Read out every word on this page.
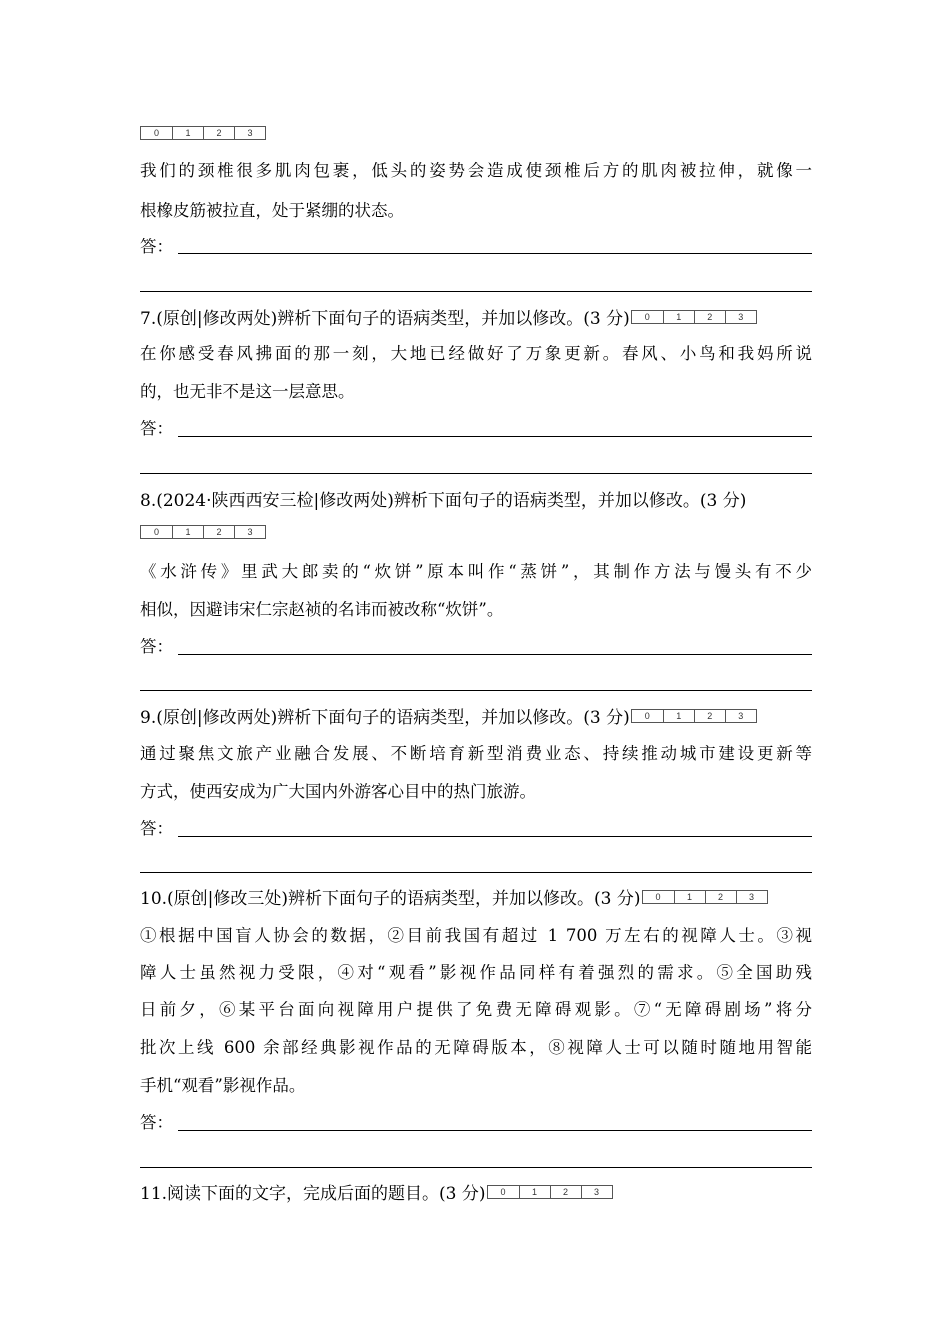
0	1	2	3
我们的颈椎很多肌肉包裹，低头的姿势会造成使颈椎后方的肌肉被拉伸，就像一
根橡皮筋被拉直，处于紧绷的状态。
答：
7.(原创|修改两处)辨析下面句子的语病类型，并加以修改。(3 分)	0	1	2	3
在你感受春风拂面的那一刻，大地已经做好了万象更新。春风、小鸟和我妈所说
的，也无非不是这一层意思。
答：
8.(2024·陕西西安三检|修改两处)辨析下面句子的语病类型，并加以修改。(3 分)
0	1	2	3
《水浒传》里武大郎卖的“炊饼”原本叫作“蒸饼”，其制作方法与馒头有不少
相似，因避讳宋仁宗赵祯的名讳而被改称“炊饼”。
答：
9.(原创|修改两处)辨析下面句子的语病类型，并加以修改。(3 分)	0	1	2	3
通过聚焦文旅产业融合发展、不断培育新型消费业态、持续推动城市建设更新等
方式，使西安成为广大国内外游客心目中的热门旅游。
答：
10.(原创|修改三处)辨析下面句子的语病类型，并加以修改。(3 分)	0	1	2	3
①根据中国盲人协会的数据，②目前我国有超过 1 700 万左右的视障人士。③视
障人士虽然视力受限，④对“观看”影视作品同样有着强烈的需求。⑤全国助残
日前夕，⑥某平台面向视障用户提供了免费无障碍观影。⑦“无障碍剧场”将分
批次上线 600 余部经典影视作品的无障碍版本，⑧视障人士可以随时随地用智能
手机“观看”影视作品。
答：
11.阅读下面的文字，完成后面的题目。(3 分)	0	1	2	3
